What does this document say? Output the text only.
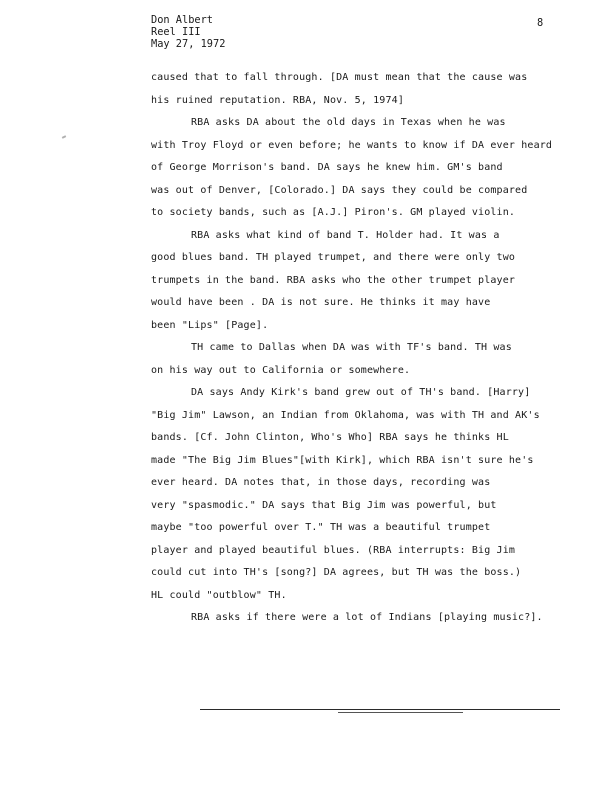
Don Albert
Reel III
May 27, 1972
8
caused that to fall through. [DA must mean that the cause was
his ruined reputation. RBA, Nov. 5, 1974]
RBA asks DA about the old days in Texas when he was
with Troy Floyd or even before; he wants to know if DA ever heard
of George Morrison's band. DA says he knew him. GM's band
was out of Denver, [Colorado.] DA says they could be compared
to society bands, such as [A.J.] Piron's. GM played violin.
RBA asks what kind of band T. Holder had. It was a
good blues band. TH played trumpet, and there were only two
trumpets in the band. RBA asks who the other trumpet player
would have been . DA is not sure. He thinks it may have
been "Lips" [Page].
TH came to Dallas when DA was with TF's band. TH was
on his way out to California or somewhere.
DA says Andy Kirk's band grew out of TH's band. [Harry]
"Big Jim" Lawson, an Indian from Oklahoma, was with TH and AK's
bands. [Cf. John Clinton, Who's Who] RBA says he thinks HL
made "The Big Jim Blues"[with Kirk], which RBA isn't sure he's
ever heard. DA notes that, in those days, recording was
very "spasmodic." DA says that Big Jim was powerful, but
maybe "too powerful over T." TH was a beautiful trumpet
player and played beautiful blues. (RBA interrupts: Big Jim
could cut into TH's [song?] DA agrees, but TH was the boss.)
HL could "outblow" TH.
RBA asks if there were a lot of Indians [playing music?].
